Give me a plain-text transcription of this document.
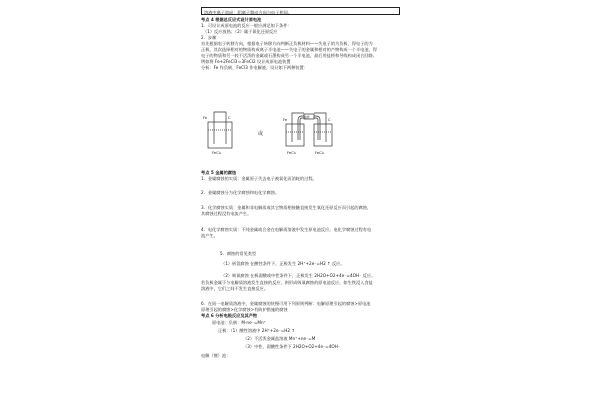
溶液中离子流向：阴离子移动方向与电子相同。
考点 4 根据总反应式设计原电池
1．可设计成原电池的反应一般应满足如下条件：
（1）反应放热；（2）属于氧化还原反应
2．步骤
首先根据电子转移方向，根据电子转移方向判断正负极材料——失电子的为负极，得电子的为
正极，其次选择相对的物质构成离子半电池——失电子的金属和相对的产物构成一个半电池，得
电子的物质和另一较不活泼的金属或石墨构成另一个半电池，最后用盐桥和导线构成闭合回路。
例如将 Fe+2FeCl3＝3FeCl2 设计成原电池装置
分析：Fe 作负极，FeCl3 作电解液，设计如下两种装置：
Fe	C
FeCl₃
或
Fe	C
盐桥
FeCl₂	FeCl₃
考点 5 金属的腐蚀
1．金属腐蚀的实质：金属原子失去电子被氧化而消耗的过程。
2．金属腐蚀分为化学腐蚀和电化学腐蚀。
3．化学腐蚀实质：金属和非电解质或其它物质相接触直接发生氧化还原反应而引起的腐蚀，
其腐蚀过程没有电流产生。
4．电化学腐蚀实质：不纯金属或合金在电解质溶液中发生原电池反应。电化学腐蚀过程有电
流产生。
5．腐蚀的常见类型
（1）析氢腐蚀 在酸性条件下，正极发生 2H⁺+2e⁻=H2 ↑ 反应。
（2）吸氧腐蚀 在极弱酸或中性条件下，正极发生 2H2O+O2+4e⁻=4OH⁻ 反应。
若负极金属不与电解质溶液发生直接的反应，则形成吸氧腐蚀的原电池反应。如生铁浸入食盐
溶液中，它们之间不发生直接反应。
6．在同一电解质溶液中，金属腐蚀的快慢可用下列原则判断：电解原理引起的腐蚀>原电池
原理引起的腐蚀>化学腐蚀>有防护措施的腐蚀
考点 6 分析电极反应及其产物
原电池：负极：M-ne⁻=Mn⁺
正极：（1）酸性溶液中 2H⁺+2e⁻=H2 ↑
（2）不活泼金属盐溶液 Mn⁺+ne⁻=M
（3）中性、弱酸性条件下 2H2O+O2+4e⁻=4OH⁻
电解（镀）池：
